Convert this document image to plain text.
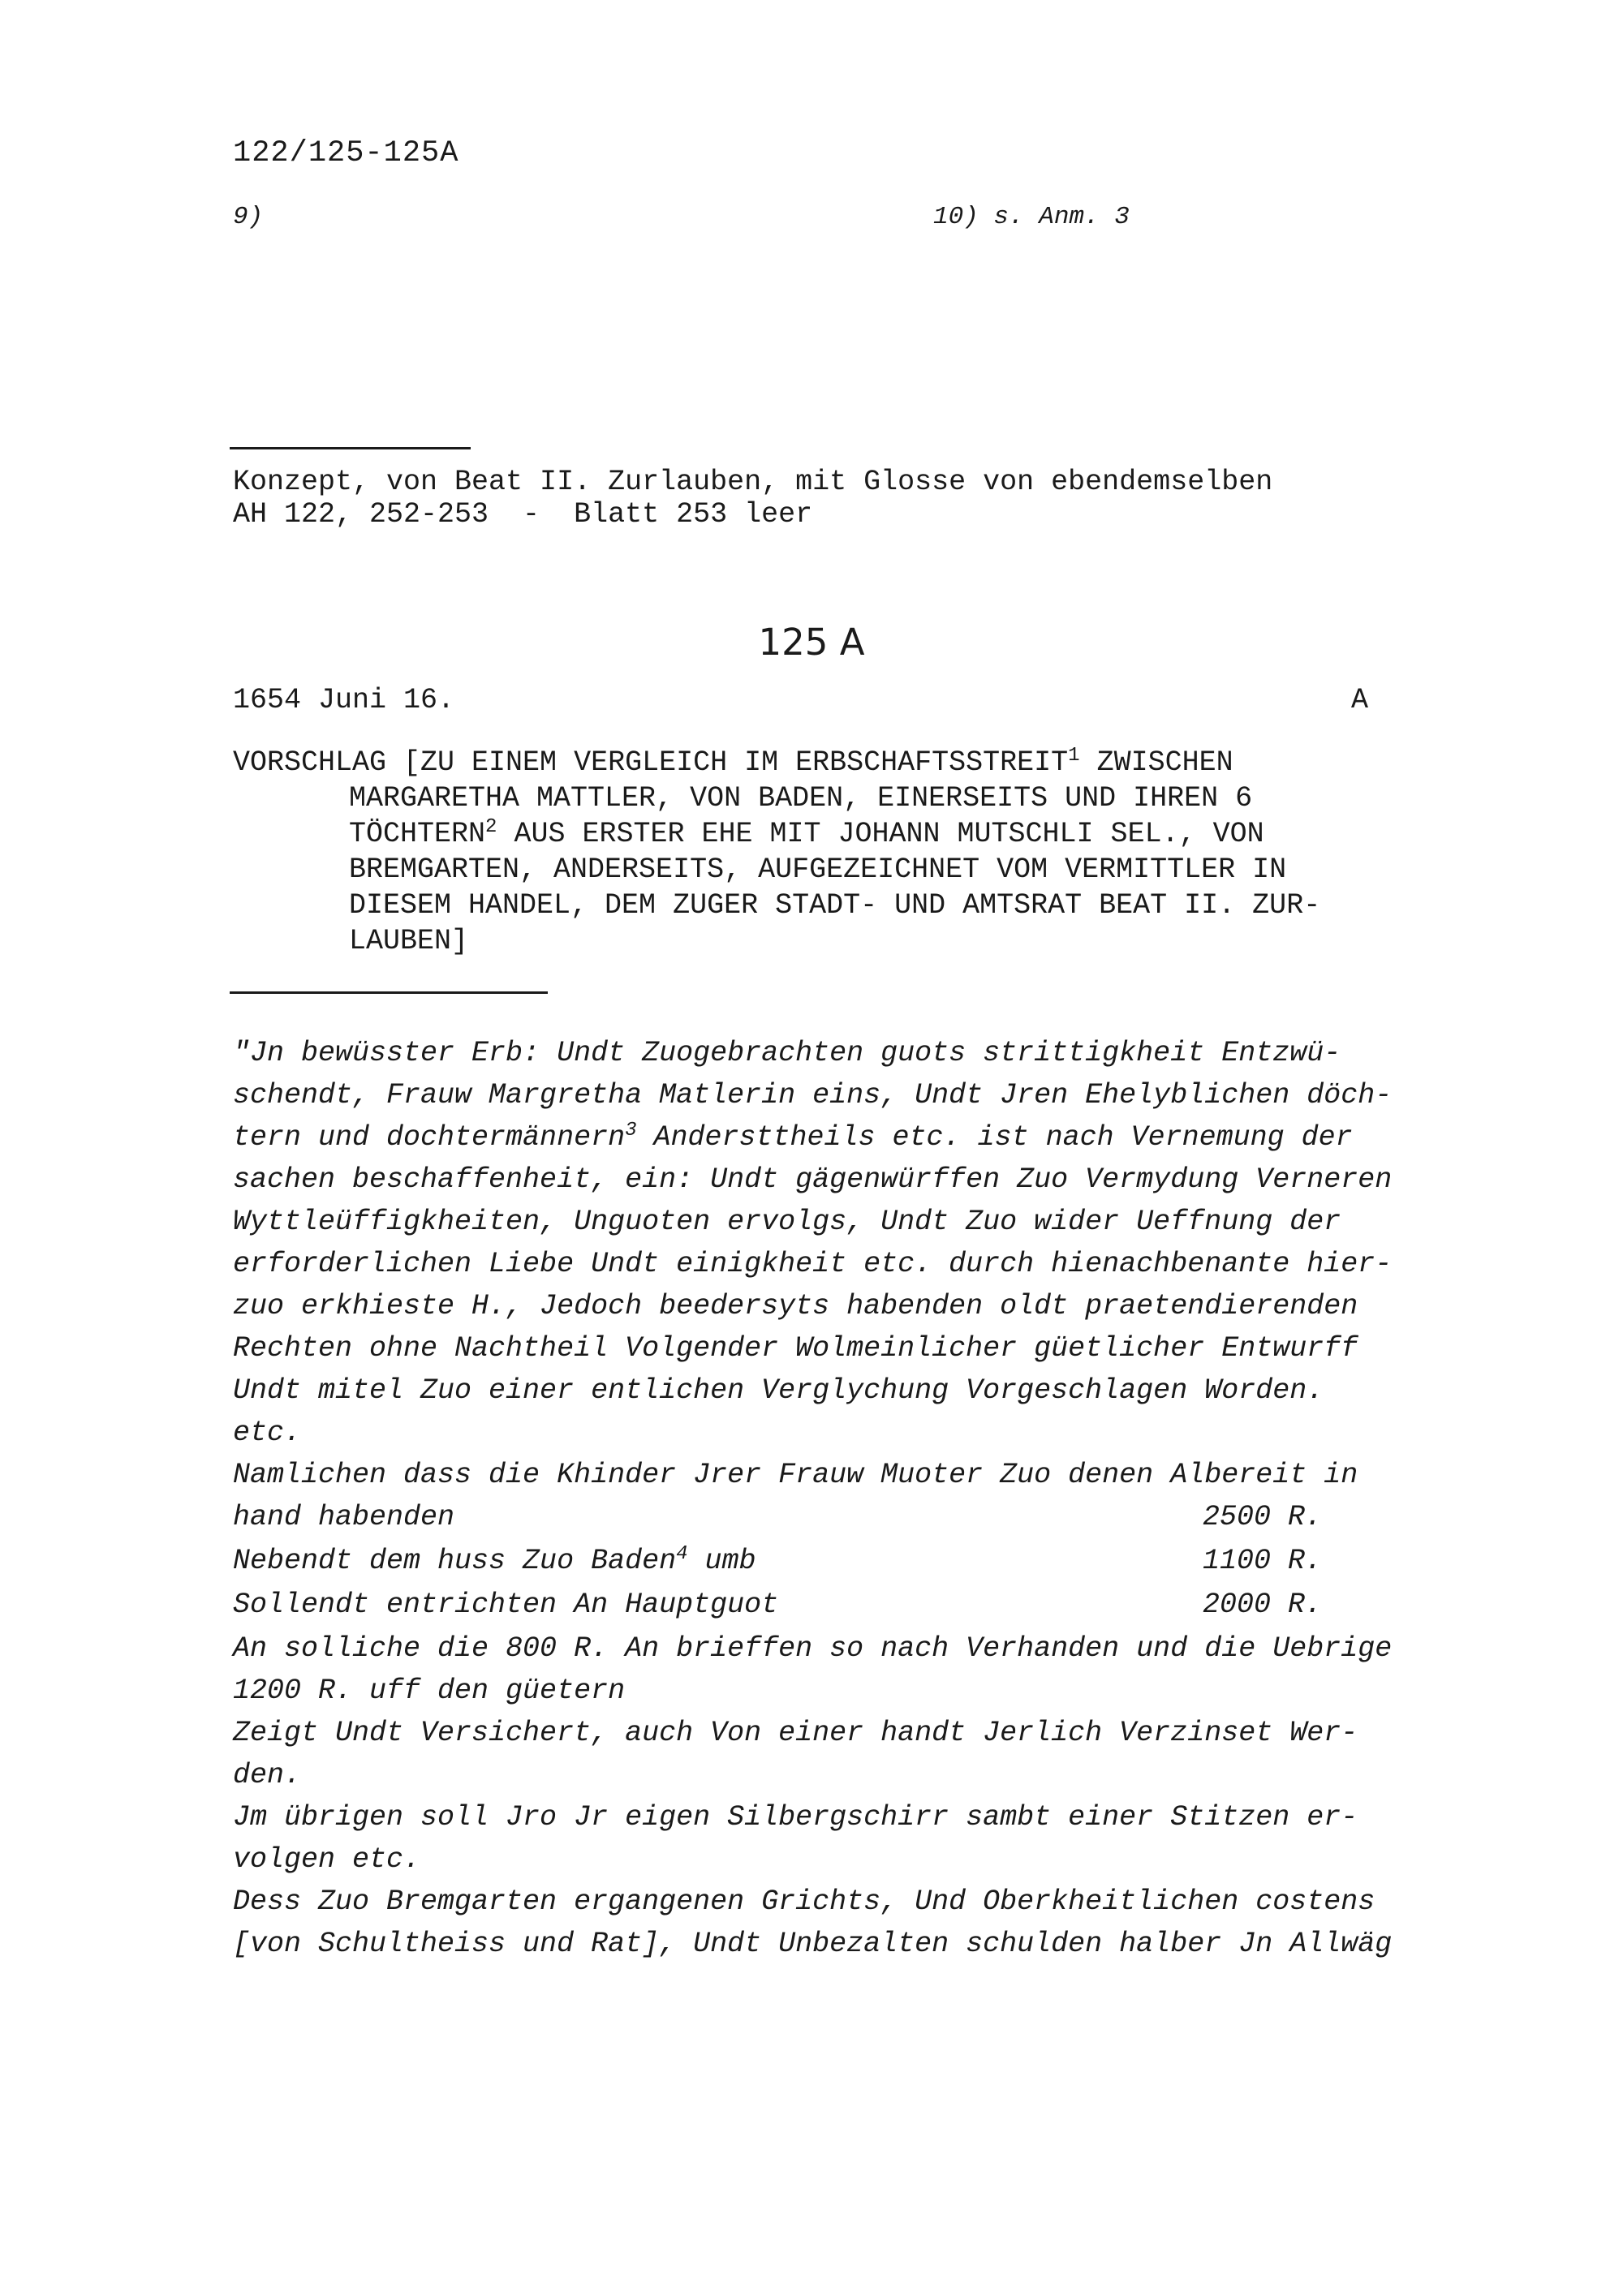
122/125-125A
9)	10) s. Anm. 3
Konzept, von Beat II. Zurlauben, mit Glosse von ebendemselben
AH 122, 252-253  -  Blatt 253 leer
125 A
1654 Juni 16.	A
VORSCHLAG [ZU EINEM VERGLEICH IM ERBSCHAFTSSTREIT$^1$ ZWISCHEN
MARGARETHA MATTLER, VON BADEN, EINERSEITS UND IHREN 6
TÖCHTERN$^2$ AUS ERSTER EHE MIT JOHANN MUTSCHLI SEL., VON
BREMGARTEN, ANDERSEITS, AUFGEZEICHNET VOM VERMITTLER IN
DIESEM HANDEL, DEM ZUGER STADT- UND AMTSRAT BEAT II. ZUR-
LAUBEN]
"Jn bewüsster Erb: Undt Zuogebrachten guots strittigkheit Entzwü-
schendt, Frauw Margretha Matlerin eins, Undt Jren Ehelyblichen döch-
tern und dochtermännern$^3$ Andersttheils etc. ist nach Vernemung der
sachen beschaffenheit, ein: Undt gägenwürffen Zuo Vermydung Verneren
Wyttleüffigkheiten, Unguoten ervolgs, Undt Zuo wider Ueffnung der
erforderlichen Liebe Undt einigkheit etc. durch hienachbenante hier-
zuo erkhieste H., Jedoch beedersyts habenden oldt praetendierenden
Rechten ohne Nachtheil Volgender Wolmeinlicher güetlicher Entwurff
Undt mitel Zuo einer entlichen Verglychung Vorgeschlagen Worden.
etc.
Namlichen dass die Khinder Jrer Frauw Muoter Zuo denen Albereit in
hand habenden	2500 R.
Nebendt dem huss Zuo Baden$^4$ umb	1100 R.
Sollendt entrichten An Hauptguot	2000 R.
An solliche die 800 R. An brieffen so nach Verhanden und die Uebrige
1200 R. uff den güetern
Zeigt Undt Versichert, auch Von einer handt Jerlich Verzinset Wer-
den.
Jm übrigen soll Jro Jr eigen Silbergschirr sambt einer Stitzen er-
volgen etc.
Dess Zuo Bremgarten ergangenen Grichts, Und Oberkheitlichen costens
[von Schultheiss und Rat], Undt Unbezalten schulden halber Jn Allwäg
